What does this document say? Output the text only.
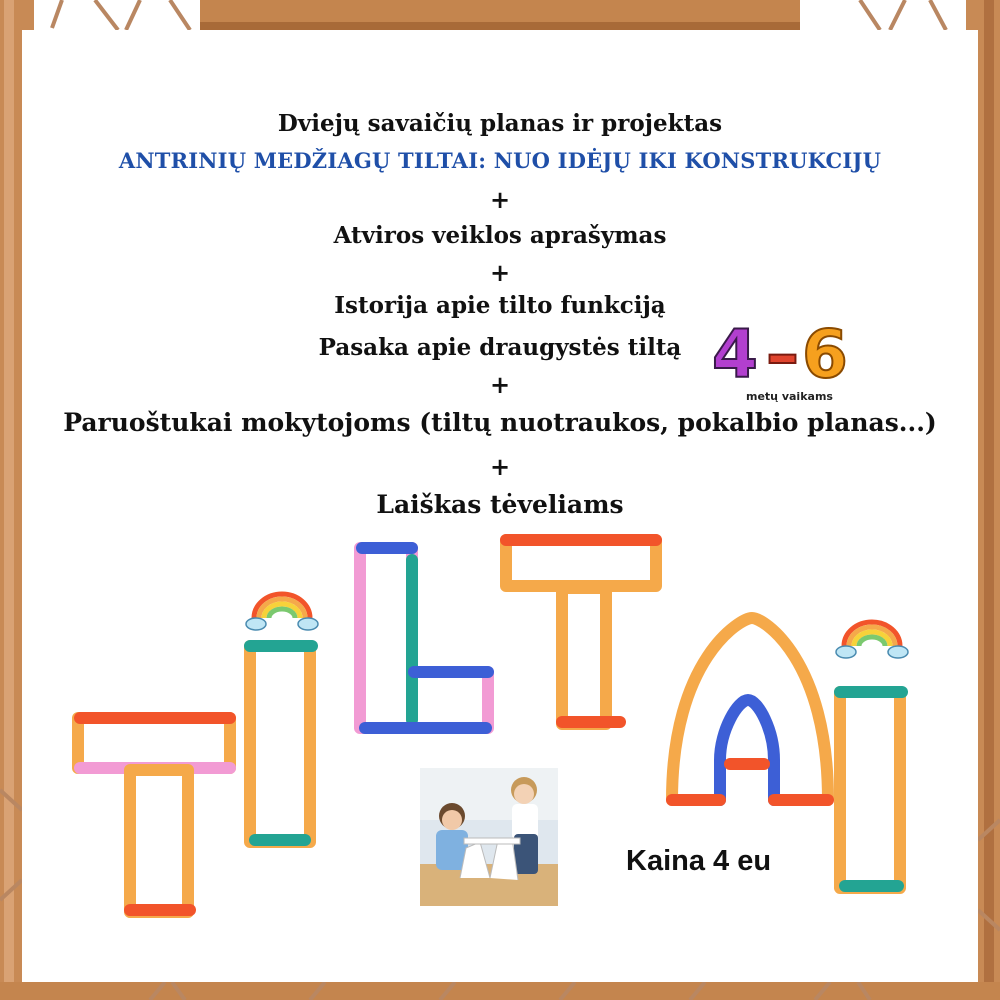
Dviejų savaičių planas ir projektas
ANTRINIŲ MEDŽIAGŲ TILTAI: NUO IDĖJŲ IKI KONSTRUKCIJŲ
+
Atviros veiklos aprašymas
+
Istorija apie tilto funkciją
Pasaka apie draugystės tiltą
+
Paruoštukai mokytojoms (tiltų nuotraukos, pokalbio planas...)
+
Laiškas tėveliams
4 – 6
metų vaikams
Kaina 4 eu
